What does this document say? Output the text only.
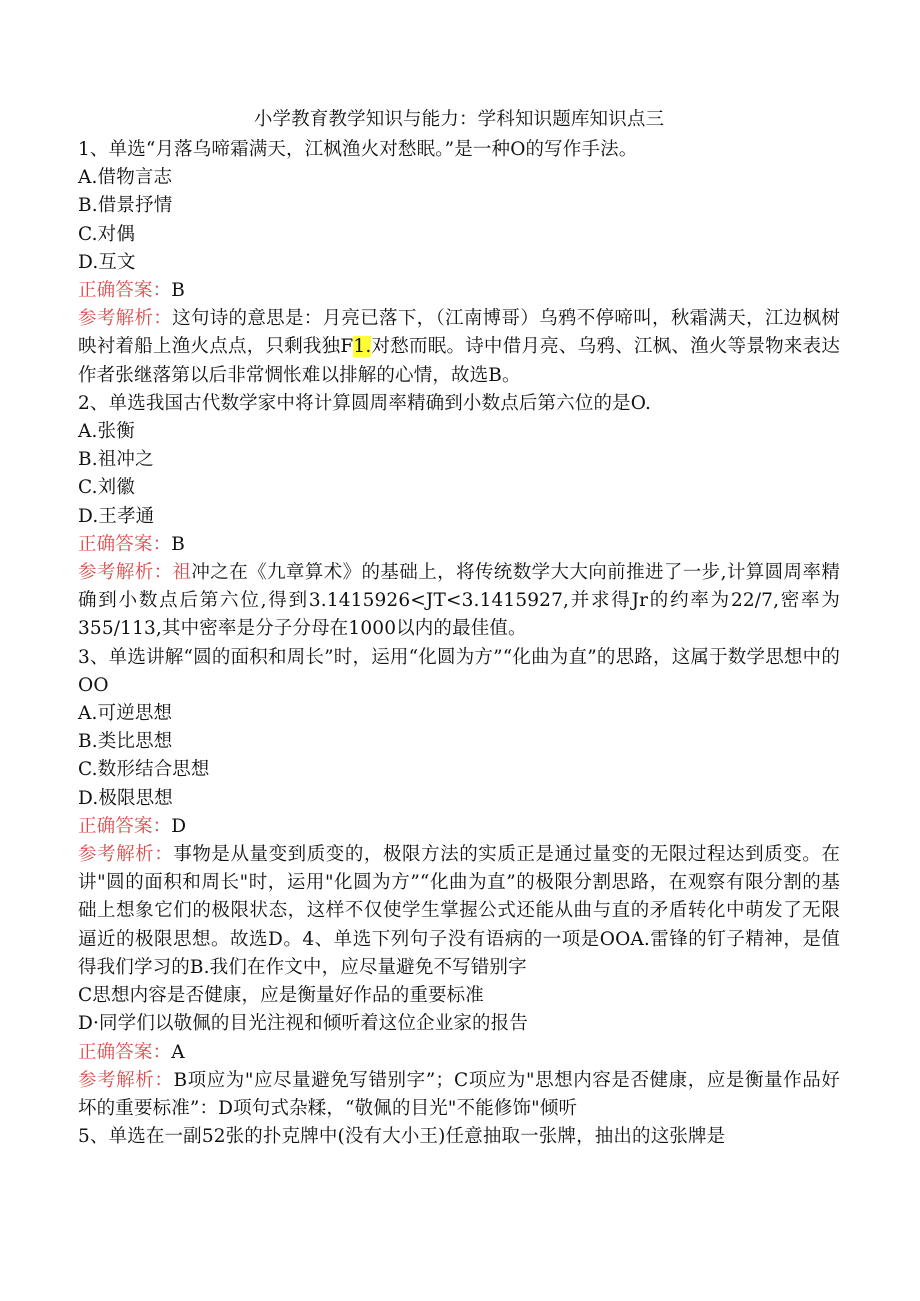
小学教育教学知识与能力：学科知识题库知识点三

1、单选“月落乌啼霜满天，江枫渔火对愁眠。”是一种O的写作手法。

A.借物言志

B.借景抒情

C.对偶

D.互文

正确答案：B

参考解析：这句诗的意思是：月亮已落下，（江南博哥）乌鸦不停啼叫，秋霜满天，江边枫树映衬着船上渔火点点，只剩我独F1.对愁而眠。诗中借月亮、乌鸦、江枫、渔火等景物来表达作者张继落第以后非常惆怅难以排解的心情，故选B。

2、单选我国古代数学家中将计算圆周率精确到小数点后第六位的是O.

A.张衡

B.祖冲之

C.刘徽

D.王孝通

正确答案：B

参考解析：祖冲之在《九章算术》的基础上，将传统数学大大向前推进了一步,计算圆周率精确到小数点后第六位,得到3.1415926<JT<3.1415927,并求得Jr的约率为22/7,密率为355/113,其中密率是分子分母在1000以内的最佳值。

3、单选讲解“圆的面积和周长”时，运用“化圆为方”“化曲为直”的思路，这属于数学思想中的OO

A.可逆思想

B.类比思想

C.数形结合思想

D.极限思想

正确答案：D

参考解析：事物是从量变到质变的，极限方法的实质正是通过量变的无限过程达到质变。在讲"圆的面积和周长"时，运用"化圆为方”“化曲为直”的极限分割思路，在观察有限分割的基础上想象它们的极限状态，这样不仅使学生掌握公式还能从曲与直的矛盾转化中萌发了无限逼近的极限思想。故选D。4、单选下列句子没有语病的一项是OOA.雷锋的钉子精神，是值得我们学习的B.我们在作文中，应尽量避免不写错别字

C思想内容是否健康，应是衡量好作品的重要标准

D·同学们以敬佩的目光注视和倾听着这位企业家的报告

正确答案：A

参考解析：B项应为"应尽量避免写错别字”；C项应为"思想内容是否健康，应是衡量作品好坏的重要标准”：D项句式杂糅，“敬佩的目光"不能修饰"倾听

5、单选在一副52张的扑克牌中(没有大小王)任意抽取一张牌，抽出的这张牌是
